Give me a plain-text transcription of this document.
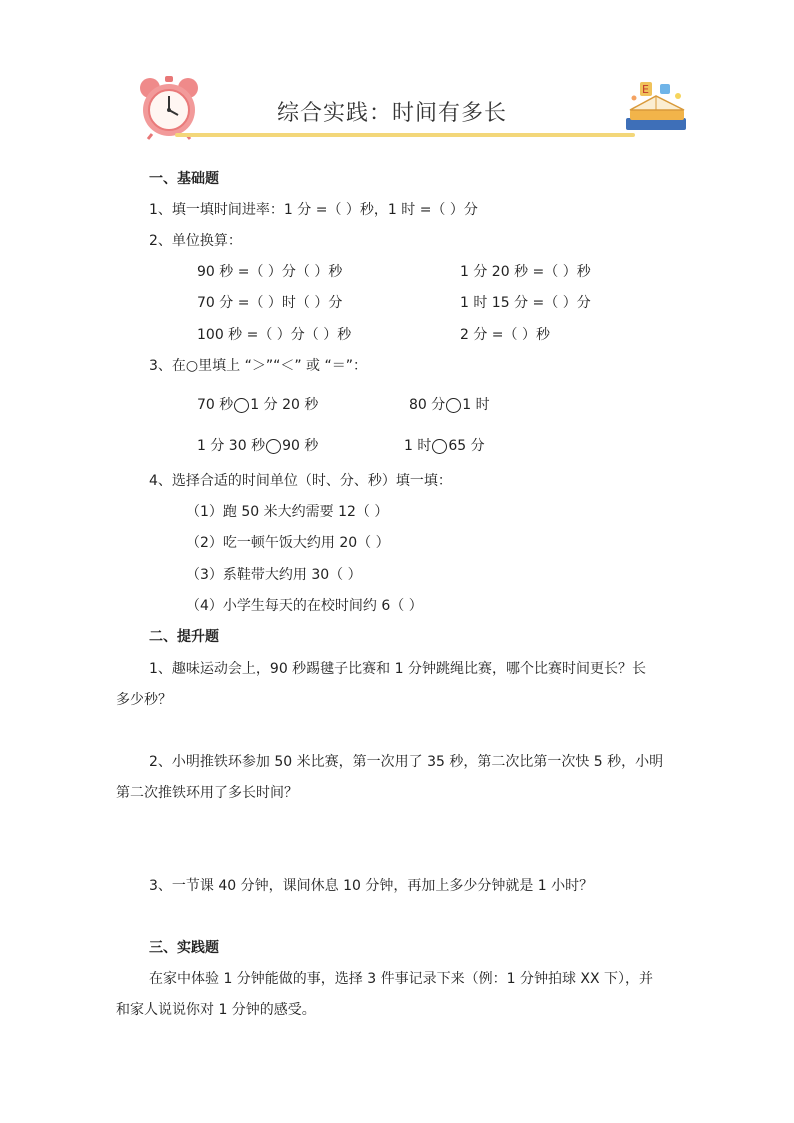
综合实践：时间有多长
E
一、基础题
1、填一填时间进率：1 分 =（ ）秒，1 时 =（ ）分
2、单位换算：
90 秒 =（ ）分（ ）秒	1 分 20 秒 =（ ）秒
70 分 =（ ）时（ ）分	1 时 15 分 =（ ）分
100 秒 =（ ）分（ ）秒	2 分 =（ ）秒
3、在○里填上 “＞”“＜” 或 “＝”：
70 秒 1 分 20 秒	80 分 1 时
1 分 30 秒 90 秒	1 时 65 分
4、选择合适的时间单位（时、分、秒）填一填：
（1）跑 50 米大约需要 12（ ）
（2）吃一顿午饭大约用 20（ ）
（3）系鞋带大约用 30（ ）
（4）小学生每天的在校时间约 6（ ）
二、提升题
1、趣味运动会上，90 秒踢毽子比赛和 1 分钟跳绳比赛，哪个比赛时间更长？长
多少秒？
2、小明推铁环参加 50 米比赛，第一次用了 35 秒，第二次比第一次快 5 秒，小明
第二次推铁环用了多长时间？
3、一节课 40 分钟，课间休息 10 分钟，再加上多少分钟就是 1 小时？
三、实践题
在家中体验 1 分钟能做的事，选择 3 件事记录下来（例：1 分钟拍球 XX 下），并
和家人说说你对 1 分钟的感受。
